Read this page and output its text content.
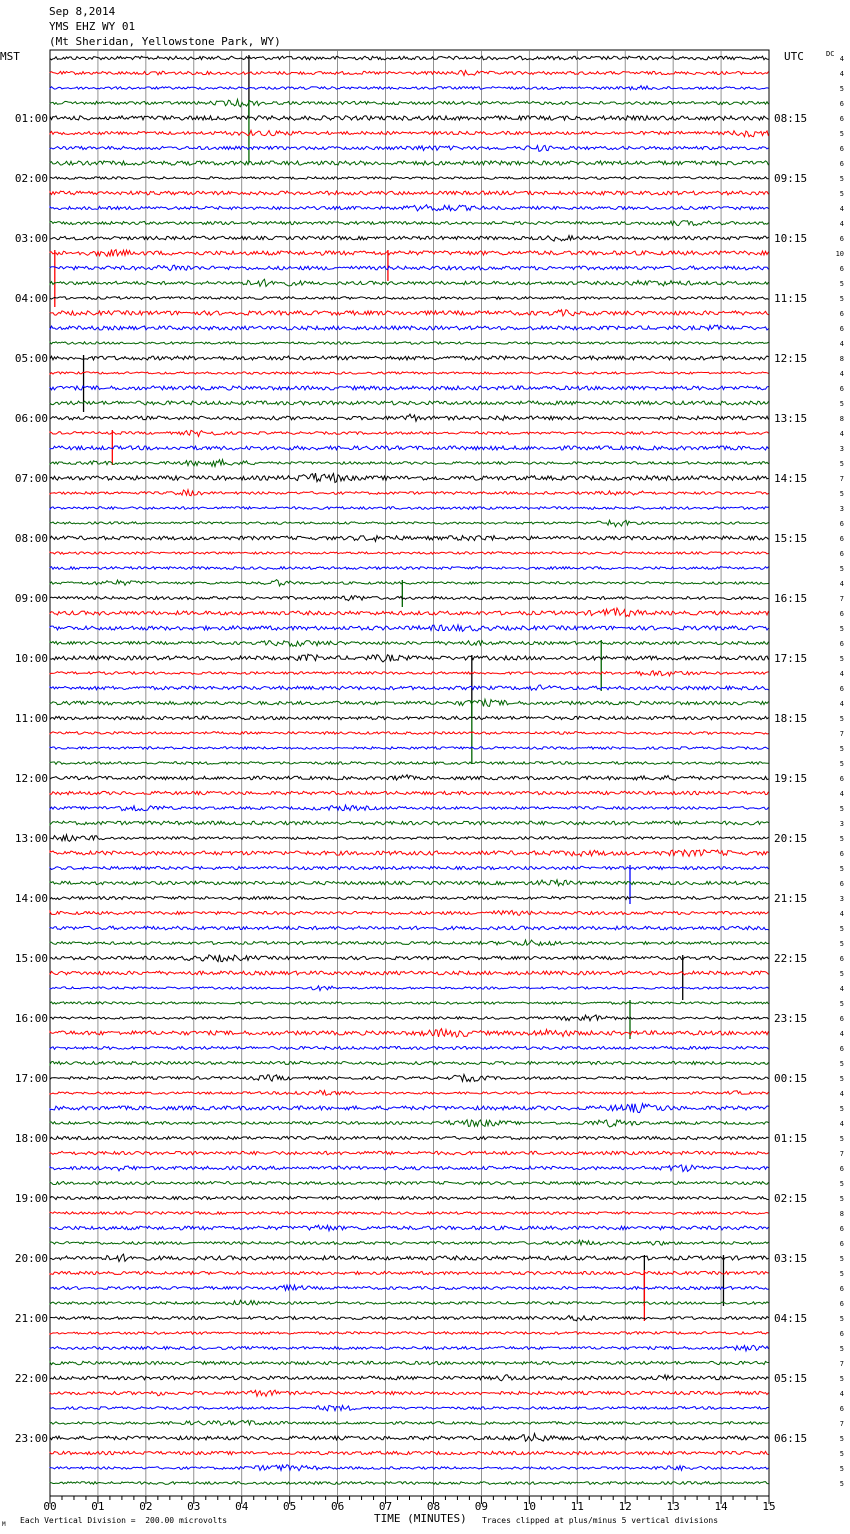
4
4
5
6
6
5
6
6
5
5
4
4
6
10
6
5
5
6
6
4
8
4
6
5
8
4
3
5
7
5
3
6
6
6
5
4
7
6
5
6
5
4
6
4
5
7
5
5
6
4
5
3
5
6
5
6
3
4
5
5
6
5
4
5
6
4
6
5
5
4
5
4
5
7
6
5
5
8
6
6
5
5
6
6
5
6
5
7
5
4
6
7
5
5
5
5
01:00	08:15
02:00	09:15
03:00	10:15
04:00	11:15
05:00	12:15
06:00	13:15
07:00	14:15
08:00	15:15
09:00	16:15
10:00	17:15
11:00	18:15
12:00	19:15
13:00	20:15
14:00	21:15
15:00	22:15
16:00	23:15
17:00	00:15
18:00	01:15
19:00	02:15
20:00	03:15
21:00	04:15
22:00	05:15
23:00	06:15
00	01	02	03	04	05	06	07	08	09	10	11	12	13	14	15
Sep 8,2014
YMS EHZ WY 01
(Mt Sheridan, Yellowstone Park, WY)
MST	UTC	DC
M Each Vertical Division =  200.00 microvolts	TIME (MINUTES) Traces clipped at plus/minus 5 vertical divisions
